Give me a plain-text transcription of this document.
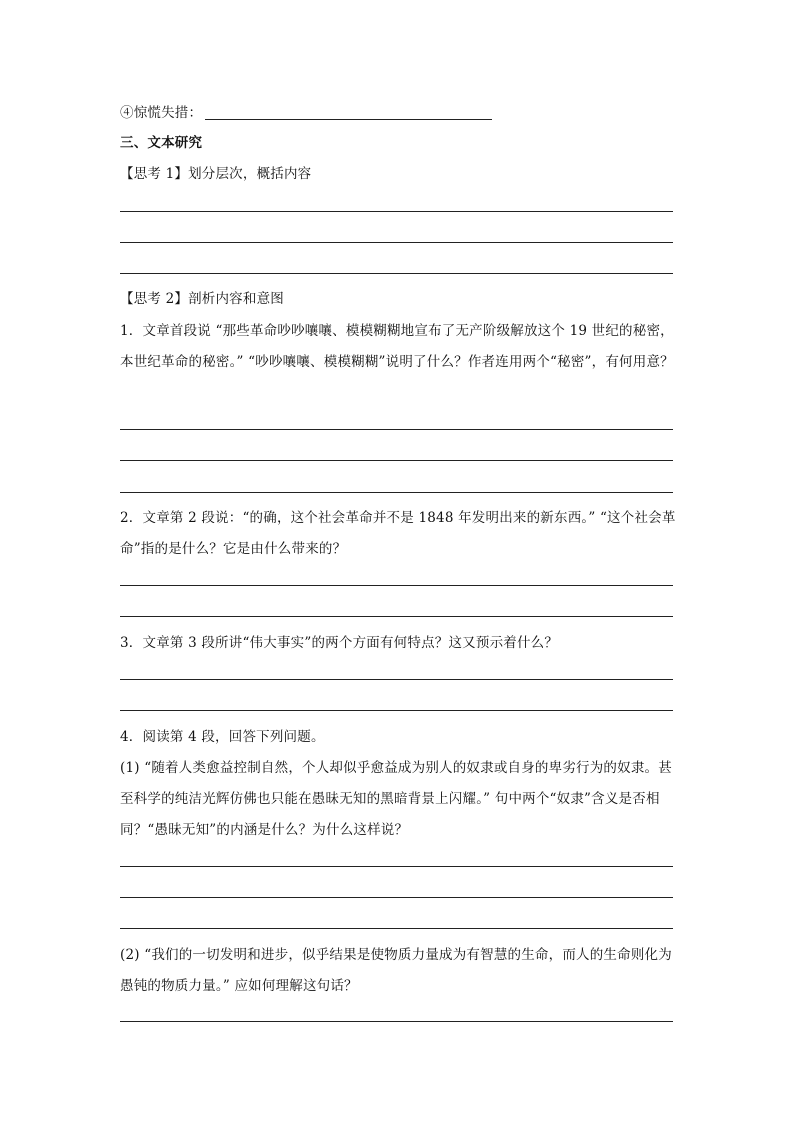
④惊慌失措：
三、文本研究
【思考 1】划分层次，概括内容
【思考 2】剖析内容和意图
1．文章首段说 “那些革命吵吵嚷嚷、模模糊糊地宣布了无产阶级解放这个 19 世纪的秘密，本世纪革命的秘密。” “吵吵嚷嚷、模模糊糊”说明了什么？作者连用两个“秘密”，有何用意？
2．文章第 2 段说：“的确，这个社会革命并不是 1848 年发明出来的新东西。” “这个社会革命”指的是什么？它是由什么带来的？
3．文章第 3 段所讲“伟大事实”的两个方面有何特点？这又预示着什么？
4．阅读第 4 段，回答下列问题。
(1) “随着人类愈益控制自然，个人却似乎愈益成为别人的奴隶或自身的卑劣行为的奴隶。甚至科学的纯洁光辉仿佛也只能在愚昧无知的黑暗背景上闪耀。” 句中两个“奴隶”含义是否相同？“愚昧无知”的内涵是什么？为什么这样说？
(2) “我们的一切发明和进步，似乎结果是使物质力量成为有智慧的生命，而人的生命则化为愚钝的物质力量。” 应如何理解这句话？
